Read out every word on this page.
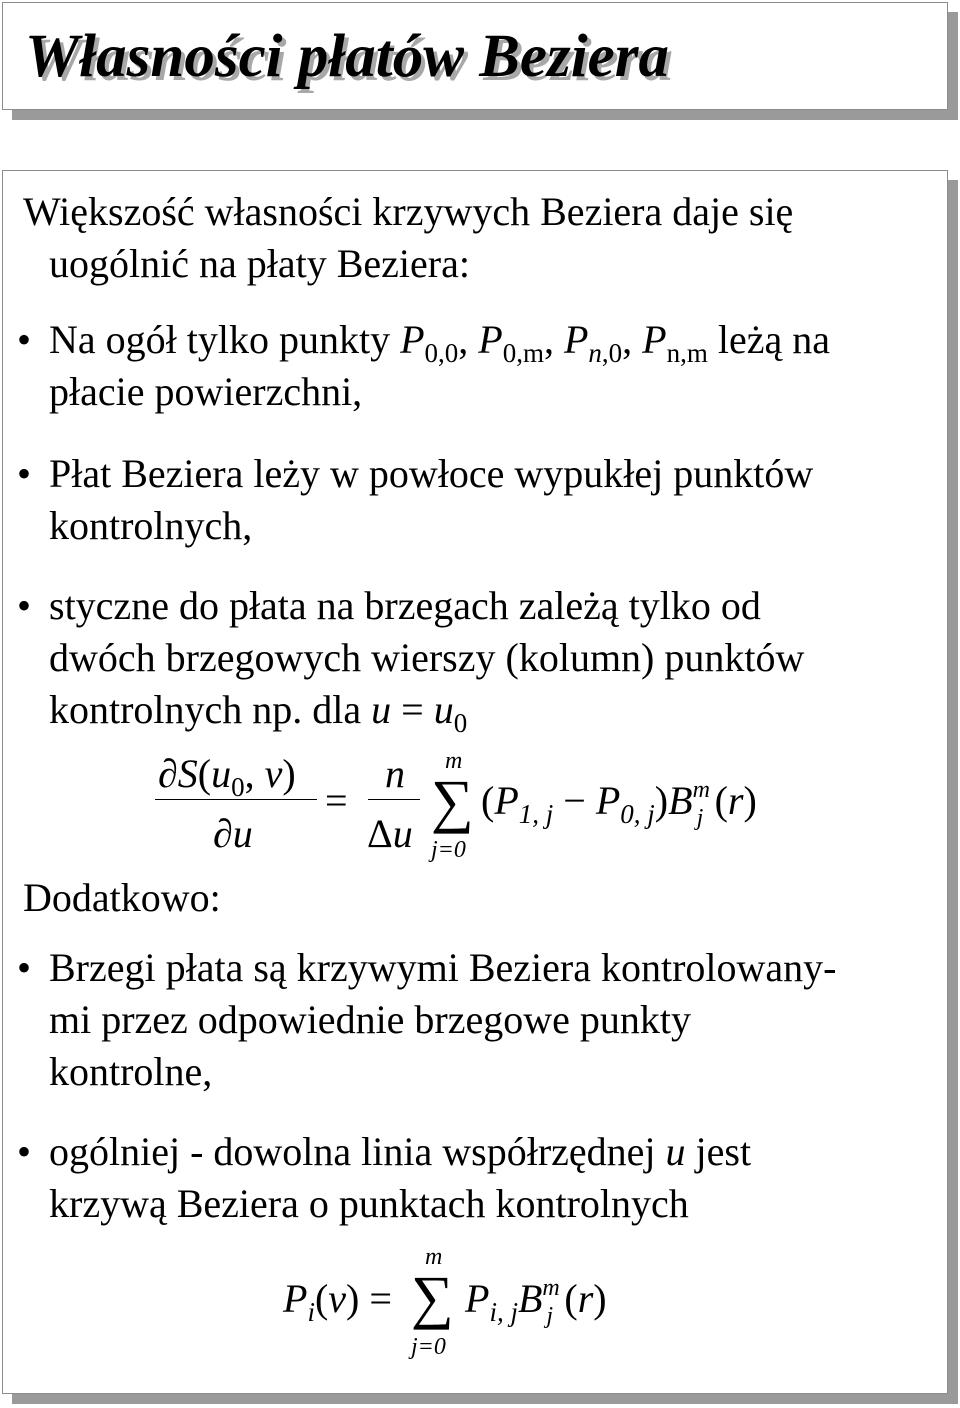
Własności płatów Beziera
Większość własności krzywych Beziera daje się
uogólnić na płaty Beziera:
• Na ogół tylko punkty $P_{0,0}$, $P_{0,m}$, $P_{n,0}$, $P_{n,m}$ leżą na
płacie powierzchni,
• Płat Beziera leży w powłoce wypukłej punktów
kontrolnych,
• styczne do płata na brzegach zależą tylko od
dwóch brzegowych wierszy (kolumn) punktów
kontrolnych np. dla $u = u_0$
$\partial S(u_0$, v)
∂u
=
n
Δu
m
∑
j=0
$(P_{1, j} - P_{0, j})B$ m
j (r)
Dodatkowo:
• Brzegi płata są krzywymi Beziera kontrolowany-
mi przez odpowiednie brzegowe punkty
kontrolne,
• ogólniej - dowolna linia współrzędnej u jest
krzywą Beziera o punktach kontrolnych
$P_i(v)$ =
m
∑
j=0
$P_{i, j}B$ m
j (r)
